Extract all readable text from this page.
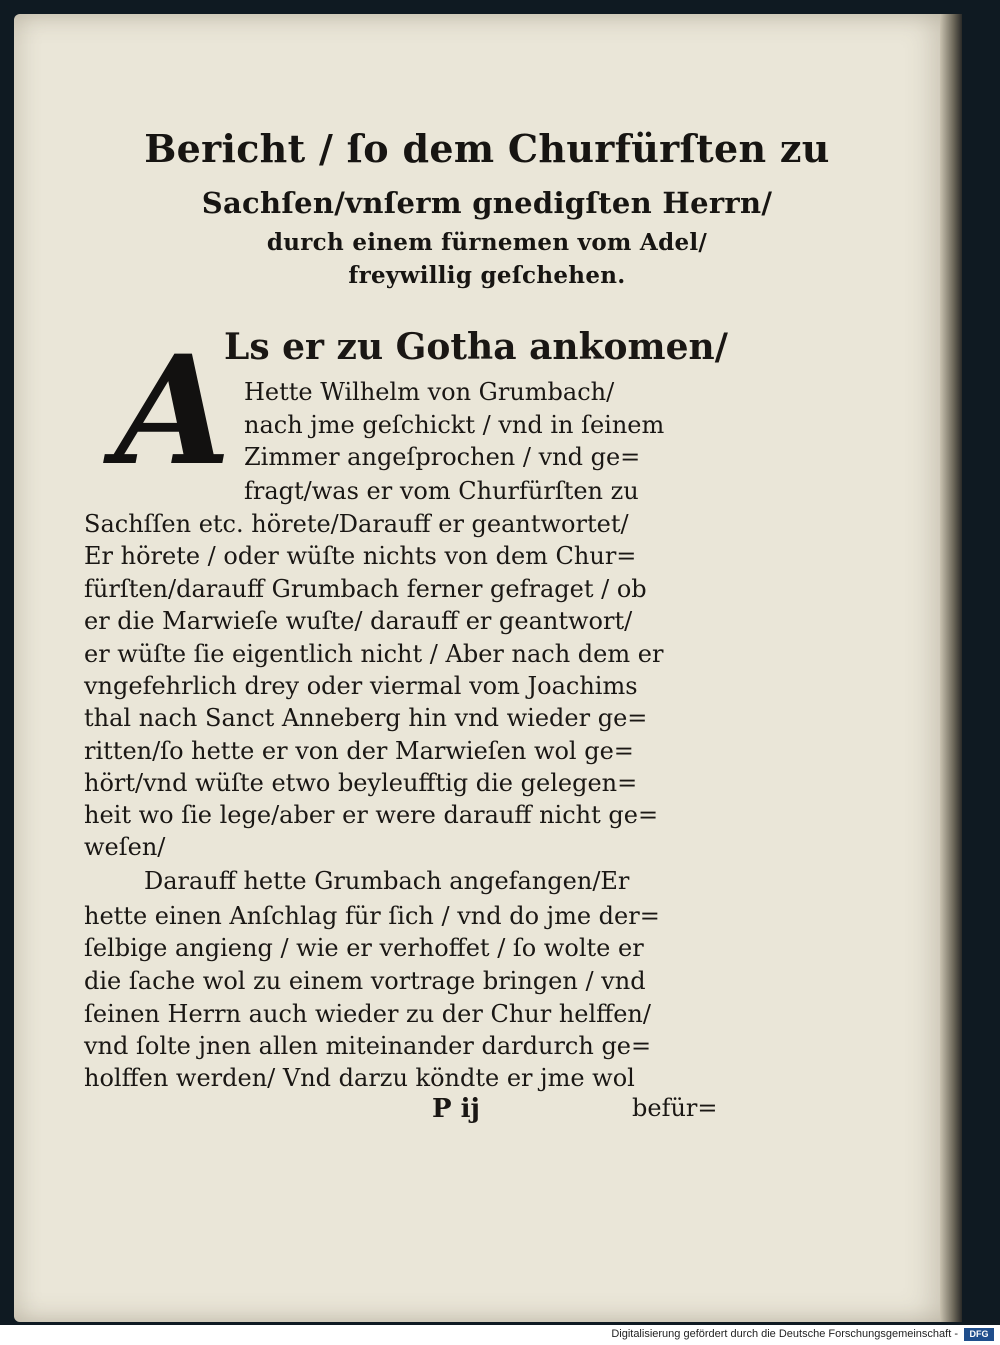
Bericht / ſo dem Churfürſten zu
Sachſen/vnſerm gnedigſten Herrn/
durch einem fürnemen vom Adel/
freywillig geſchehen.
A
Ls er zu Gotha ankomen/
Hette Wilhelm von Grumbach/
nach jme geſchickt / vnd in ſeinem
Zimmer angeſprochen / vnd ge=
fragt/was er vom Churfürſten zu
Sachſſen etc. hörete/Darauff er geantwortet/
Er hörete / oder wüſte nichts von dem Chur=
fürſten/darauff Grumbach ferner gefraget / ob
er die Marwieſe wuſte/ darauff er geantwort/
er wüſte ſie eigentlich nicht / Aber nach dem er
vngefehrlich drey oder viermal vom Joachims
thal nach Sanct Anneberg hin vnd wieder ge=
ritten/ſo hette er von der Marwieſen wol ge=
hört/vnd wüſte etwo beyleufftig die gelegen=
heit wo ſie lege/aber er were darauff nicht ge=
weſen/
Darauff hette Grumbach angefangen/Er
hette einen Anſchlag für ſich / vnd do jme der=
ſelbige angieng / wie er verhoffet / ſo wolte er
die ſache wol zu einem vortrage bringen / vnd
ſeinen Herrn auch wieder zu der Chur helffen/
vnd ſolte jnen allen miteinander dardurch ge=
holffen werden/ Vnd darzu köndte er jme wol
P ij	befür=
Digitalisierung gefördert durch die Deutsche Forschungsgemeinschaft -	DFG
